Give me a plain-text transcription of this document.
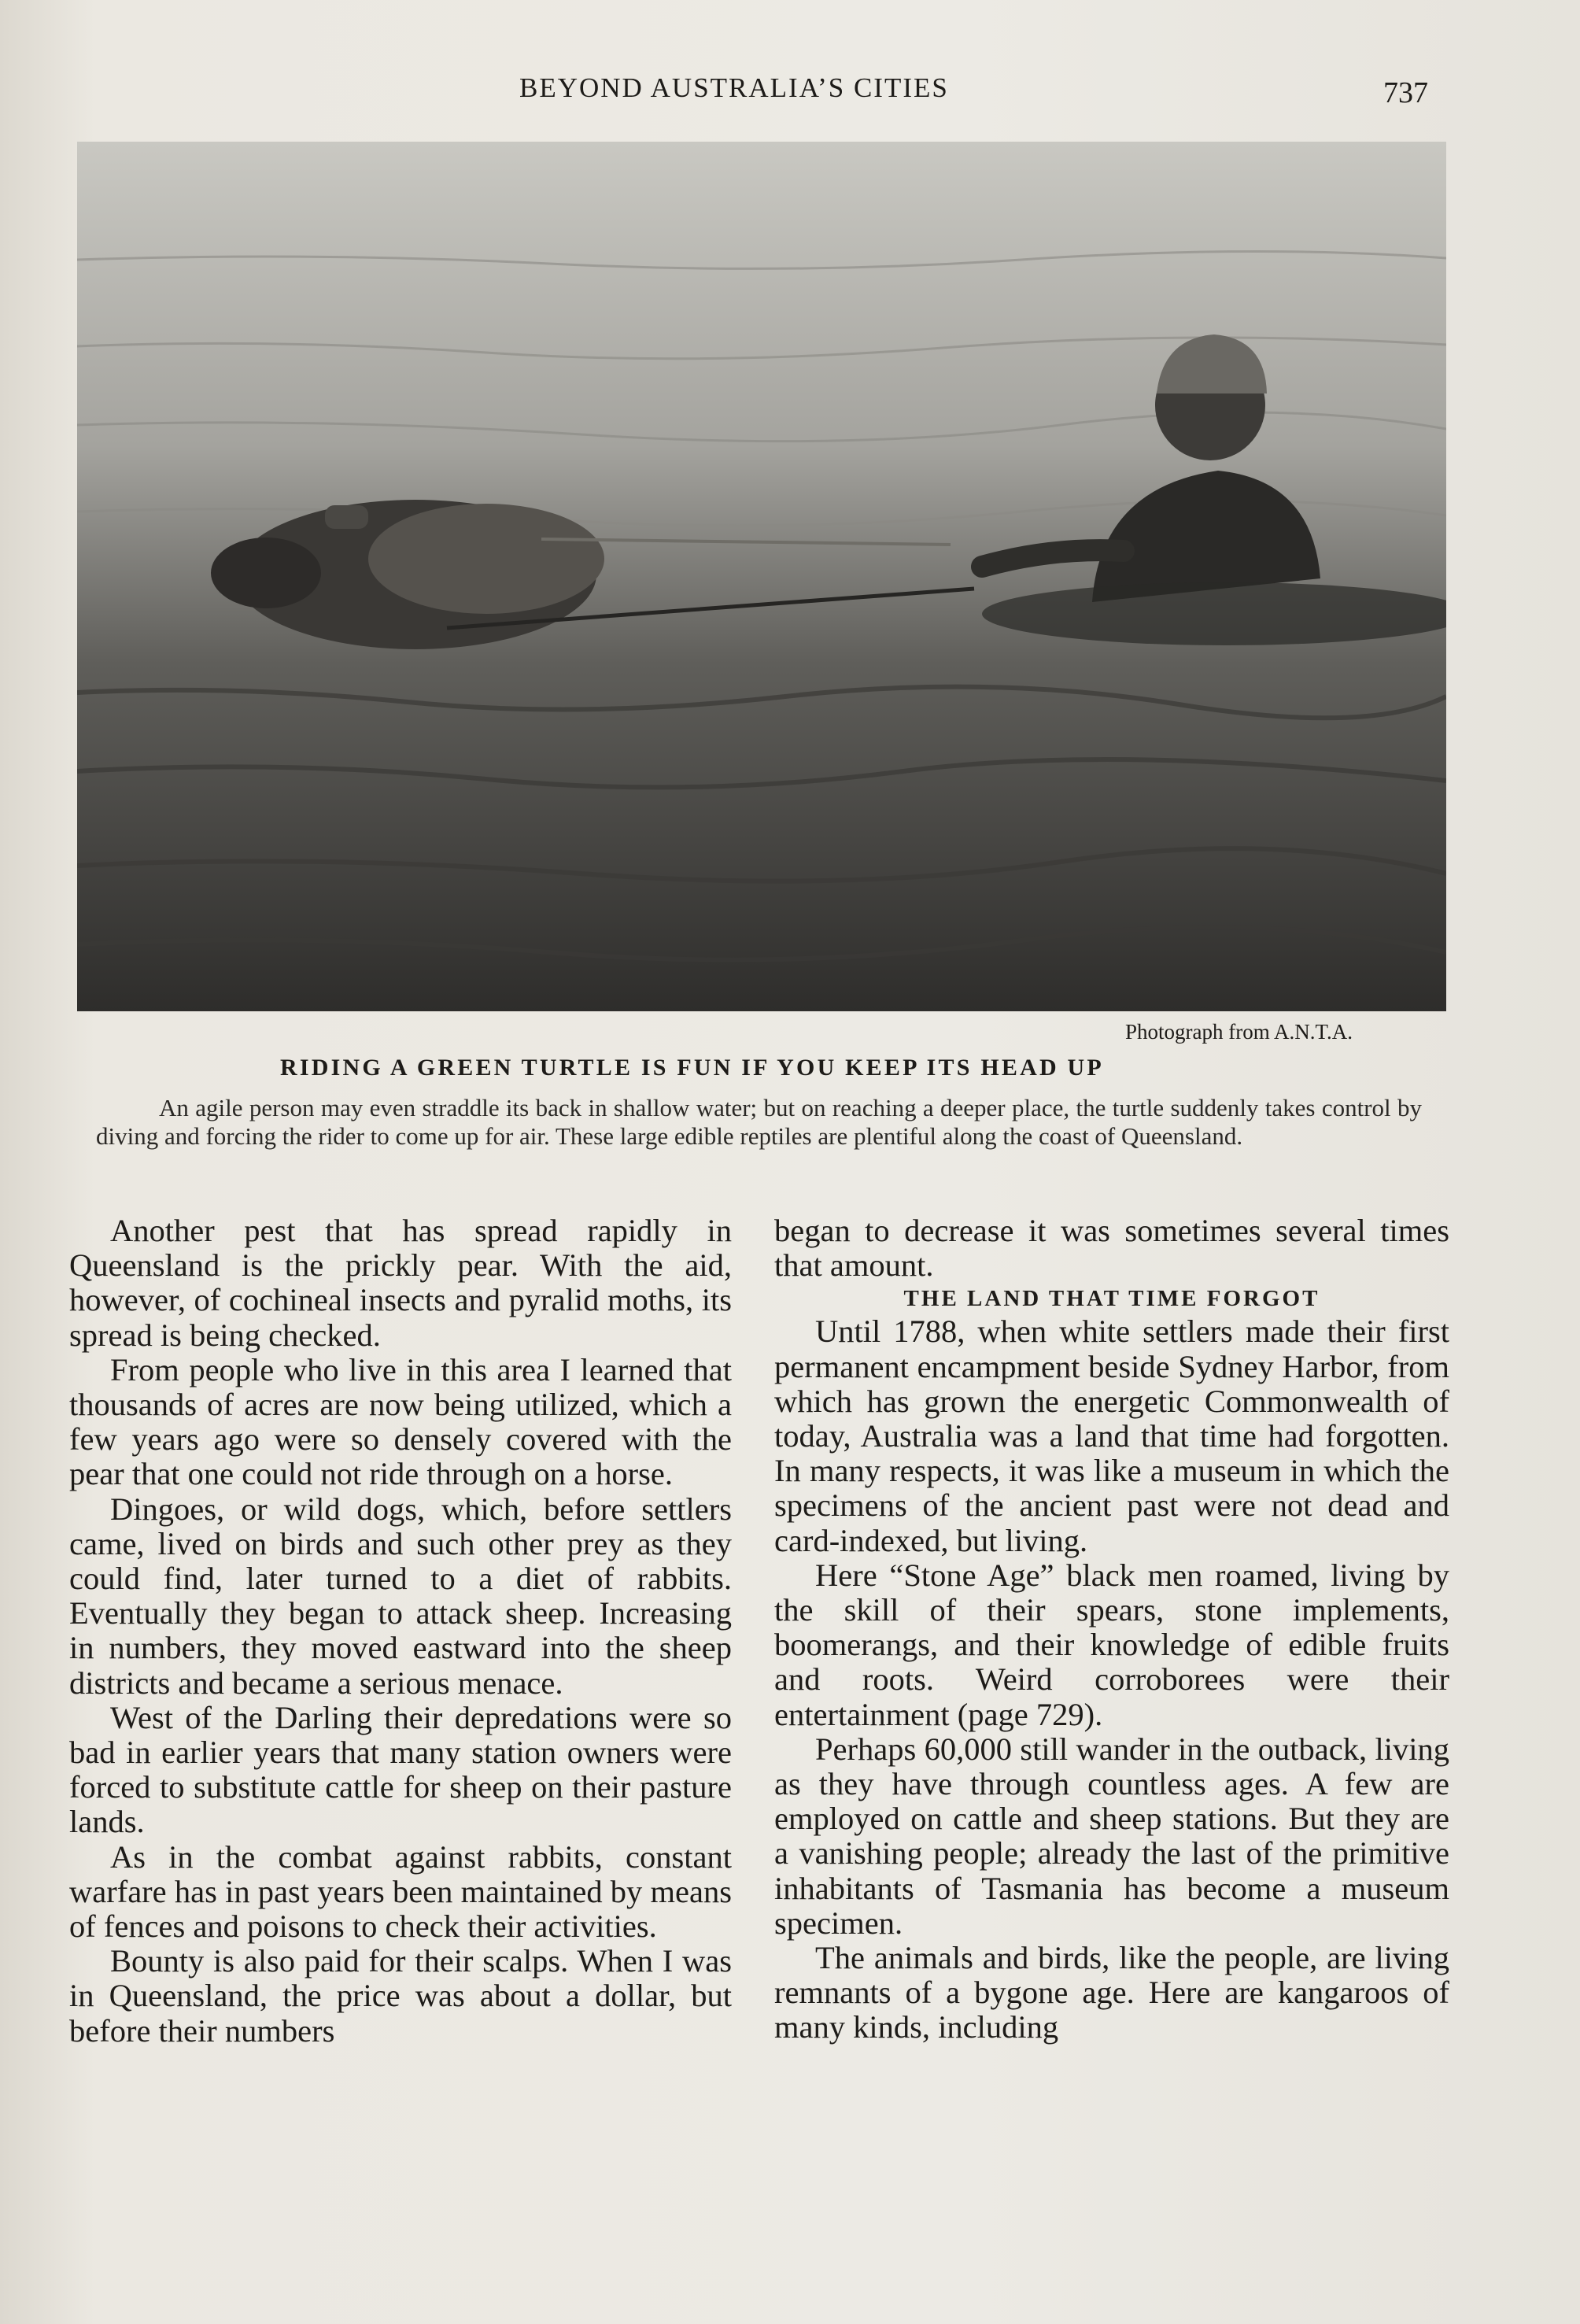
BEYOND AUSTRALIA’S CITIES	737
Photograph from A.N.T.A.
RIDING A GREEN TURTLE IS FUN IF YOU KEEP ITS HEAD UP
An agile person may even straddle its back in shallow water; but on reaching a deeper place, the turtle suddenly takes control by diving and forcing the rider to come up for air. These large edible reptiles are plentiful along the coast of Queensland.

Another pest that has spread rapidly in Queensland is the prickly pear. With the aid, however, of cochineal insects and pyralid moths, its spread is being checked.

From people who live in this area I learned that thousands of acres are now being utilized, which a few years ago were so densely covered with the pear that one could not ride through on a horse.

Dingoes, or wild dogs, which, before settlers came, lived on birds and such other prey as they could find, later turned to a diet of rabbits. Eventually they began to attack sheep. Increasing in numbers, they moved eastward into the sheep districts and became a serious menace.

West of the Darling their depredations were so bad in earlier years that many station owners were forced to substitute cattle for sheep on their pasture lands.

As in the combat against rabbits, constant warfare has in past years been maintained by means of fences and poisons to check their activities.

Bounty is also paid for their scalps. When I was in Queensland, the price was about a dollar, but before their numbers

began to decrease it was sometimes several times that amount.

THE LAND THAT TIME FORGOT

Until 1788, when white settlers made their first permanent encampment beside Sydney Harbor, from which has grown the energetic Commonwealth of today, Australia was a land that time had forgotten. In many respects, it was like a museum in which the specimens of the ancient past were not dead and card-indexed, but living.

Here “Stone Age” black men roamed, living by the skill of their spears, stone implements, boomerangs, and their knowledge of edible fruits and roots. Weird corroborees were their entertainment (page 729).

Perhaps 60,000 still wander in the outback, living as they have through countless ages. A few are employed on cattle and sheep stations. But they are a vanishing people; already the last of the primitive inhabitants of Tasmania has become a museum specimen.

The animals and birds, like the people, are living remnants of a bygone age. Here are kangaroos of many kinds, including
